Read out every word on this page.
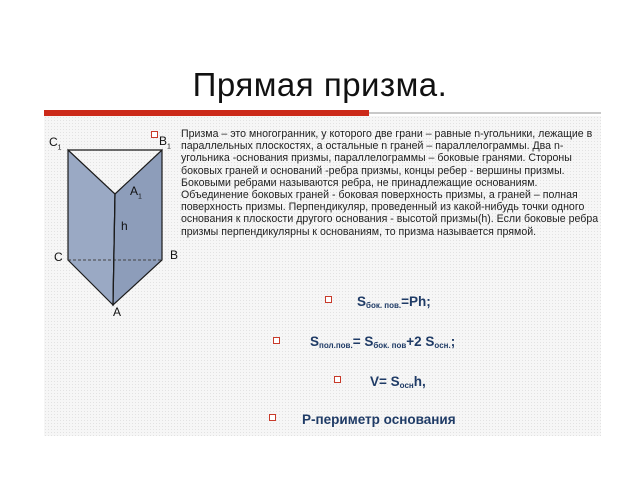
Прямая призма.
$C_1$	$B_1$
$A_1$
h
C	B
A
Призма – это многогранник, у которого две грани – равные n-угольники, лежащие в параллельных плоскостях, а остальные n граней – параллелограммы. Два n-угольника -основания призмы, параллелограммы – боковые гранями. Стороны боковых граней и оснований -ребра призмы, концы ребер - вершины призмы. Боковыми ребрами называются ребра, не принадлежащие основаниям. Объединение боковых граней - боковая поверхность призмы, а граней – полная поверхность призмы. Перпендикуляр, проведенный из какой-нибудь точки одного основания к плоскости другого основания - высотой призмы(h). Если боковые ребра призмы перпендикулярны к основаниям, то призма называется прямой.
$S_{бок. пов.}=Ph$;
$S_{пол.пов.}= S_{бок. пов}+2$ $S_{осн.}$;
$V= S_{осн}h$,
Р-периметр основания
